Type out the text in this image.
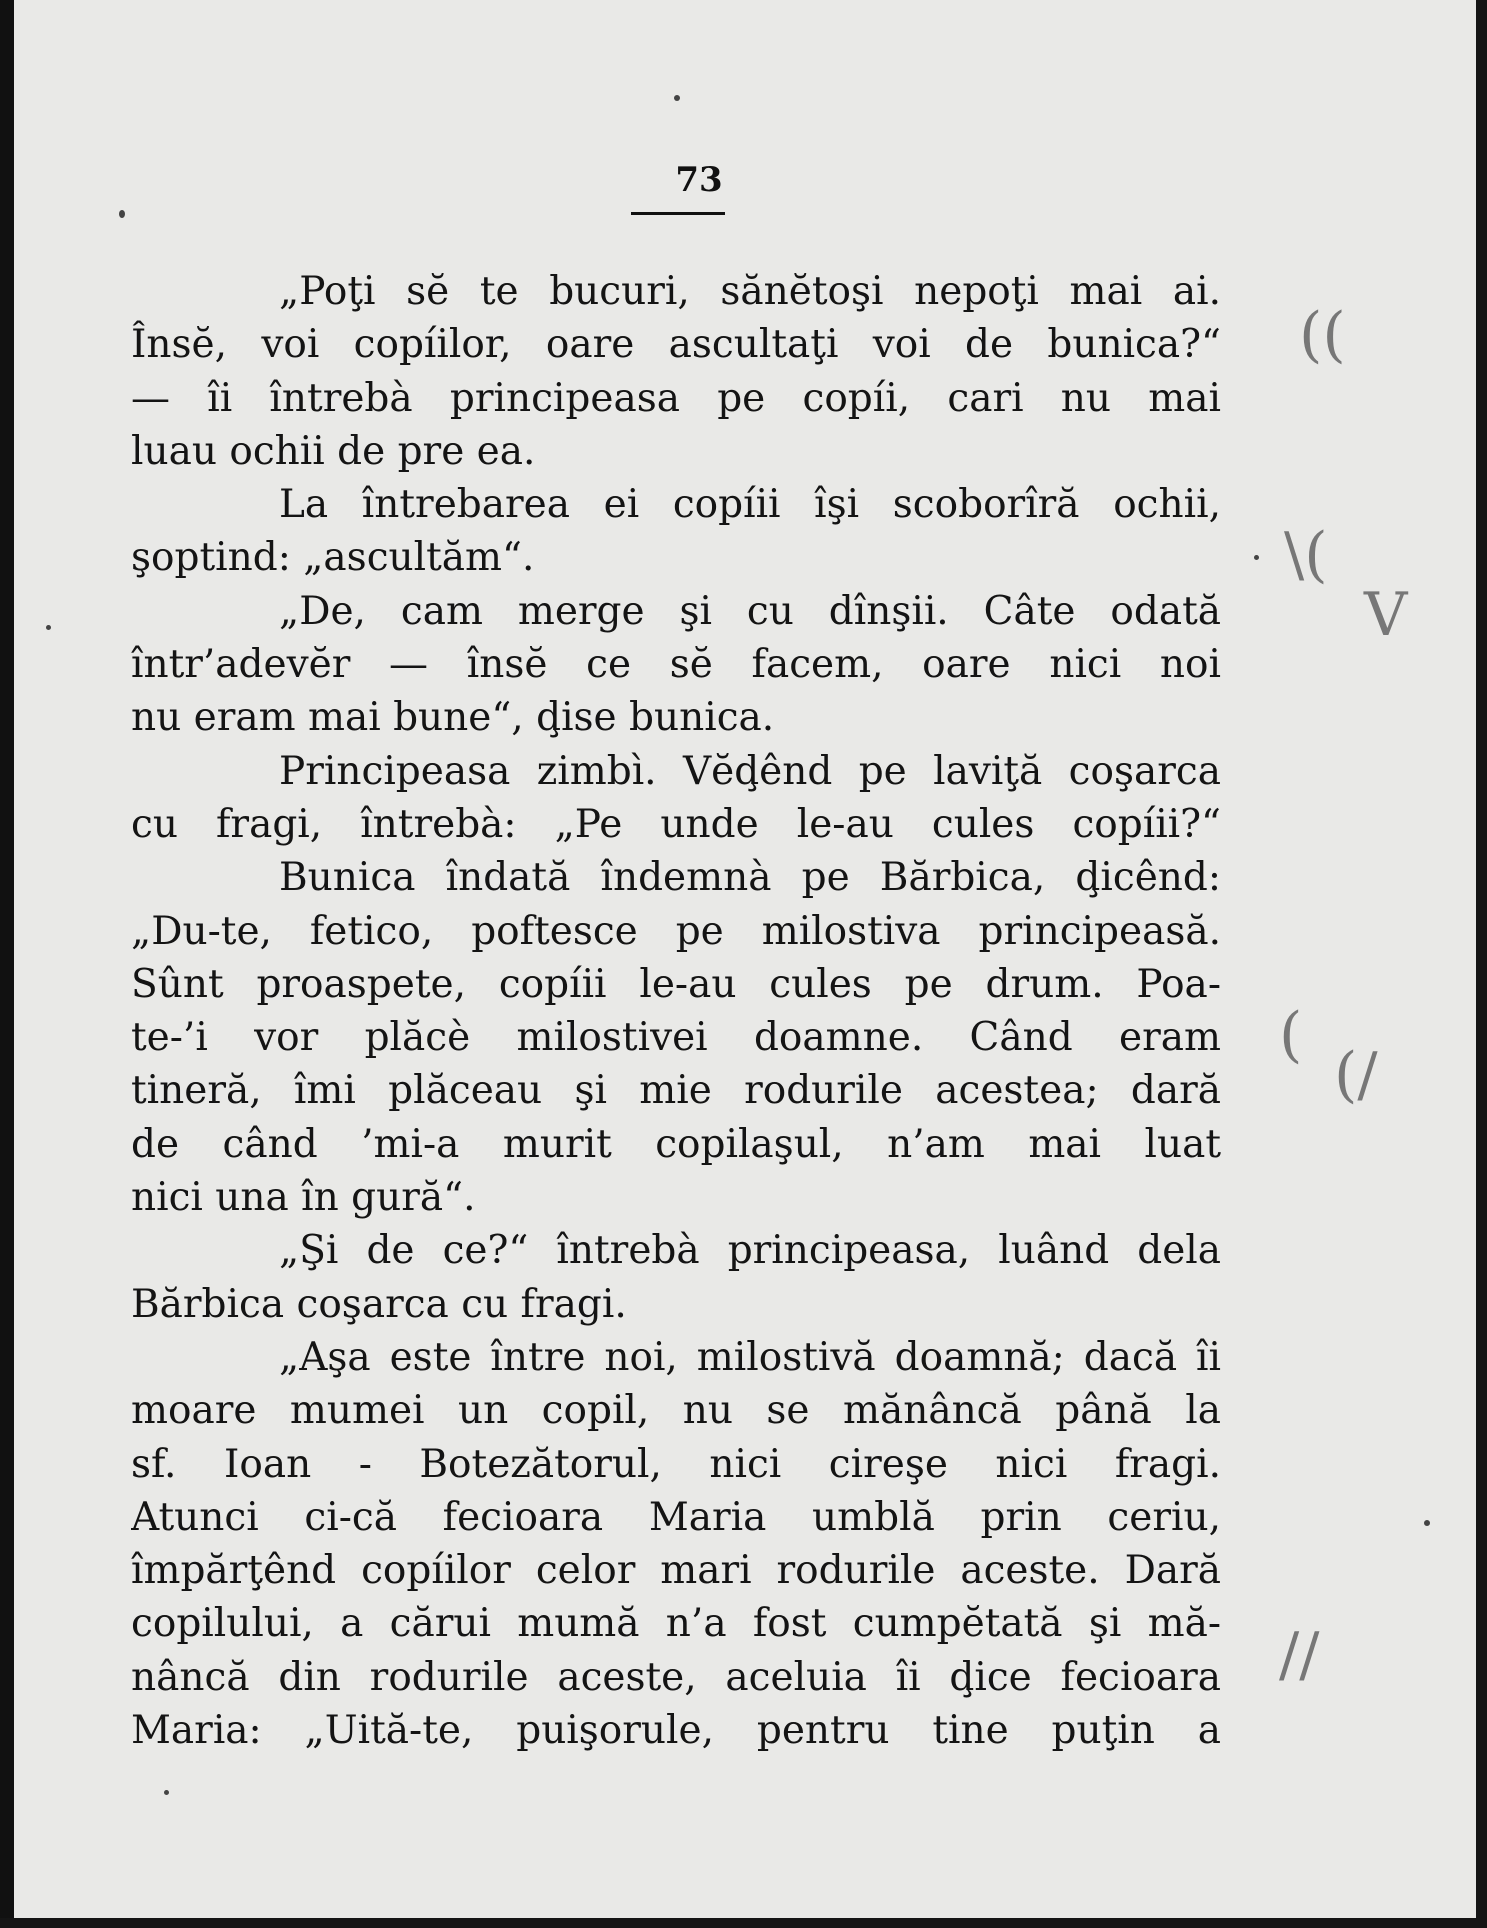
73
„Poţi sĕ te bucuri, sănĕtoşi nepoţi mai ai.
Însĕ, voi copíilor, oare ascultaţi voi de bunica?“
— îi întrebà principeasa pe copíi, cari nu mai
luau ochii de pre ea.
La întrebarea ei copíii îşi scoborîră ochii,
şoptind: „ascultăm“.
„De, cam merge şi cu dînşii. Câte odată
într’adevĕr — însĕ ce sĕ facem, oare nici noi
nu eram mai bune“, ḑise bunica.
Principeasa zimbì. Vĕḑênd pe laviţă coşarca
cu fragi, întrebà: „Pe unde le-au cules copíii?“
Bunica îndată îndemnà pe Bărbica, ḑicênd:
„Du-te, fetico, poftesce pe milostiva principeasă.
Sûnt proaspete, copíii le-au cules pe drum. Poa-
te-’i vor plăcè milostivei doamne. Când eram
tineră, îmi plăceau şi mie rodurile acestea; dară
de când ’mi-a murit copilaşul, n’am mai luat
nici una în gură“.
„Şi de ce?“ întrebà principeasa, luând dela
Bărbica coşarca cu fragi.
„Aşa este între noi, milostivă doamnă; dacă îi
moare mumei un copil, nu se mănâncă până la
sf. Ioan - Botezătorul, nici cireşe nici fragi.
Atunci ci-că fecioara Maria umblă prin ceriu,
împărţênd copíilor celor mari rodurile aceste. Dară
copilului, a cărui mumă n’a fost cumpĕtată şi mă-
nâncă din rodurile aceste, aceluia îi ḑice fecioara
Maria: „Uită-te, puişorule, pentru tine puţin a
((
\(
V
(
(/
//
